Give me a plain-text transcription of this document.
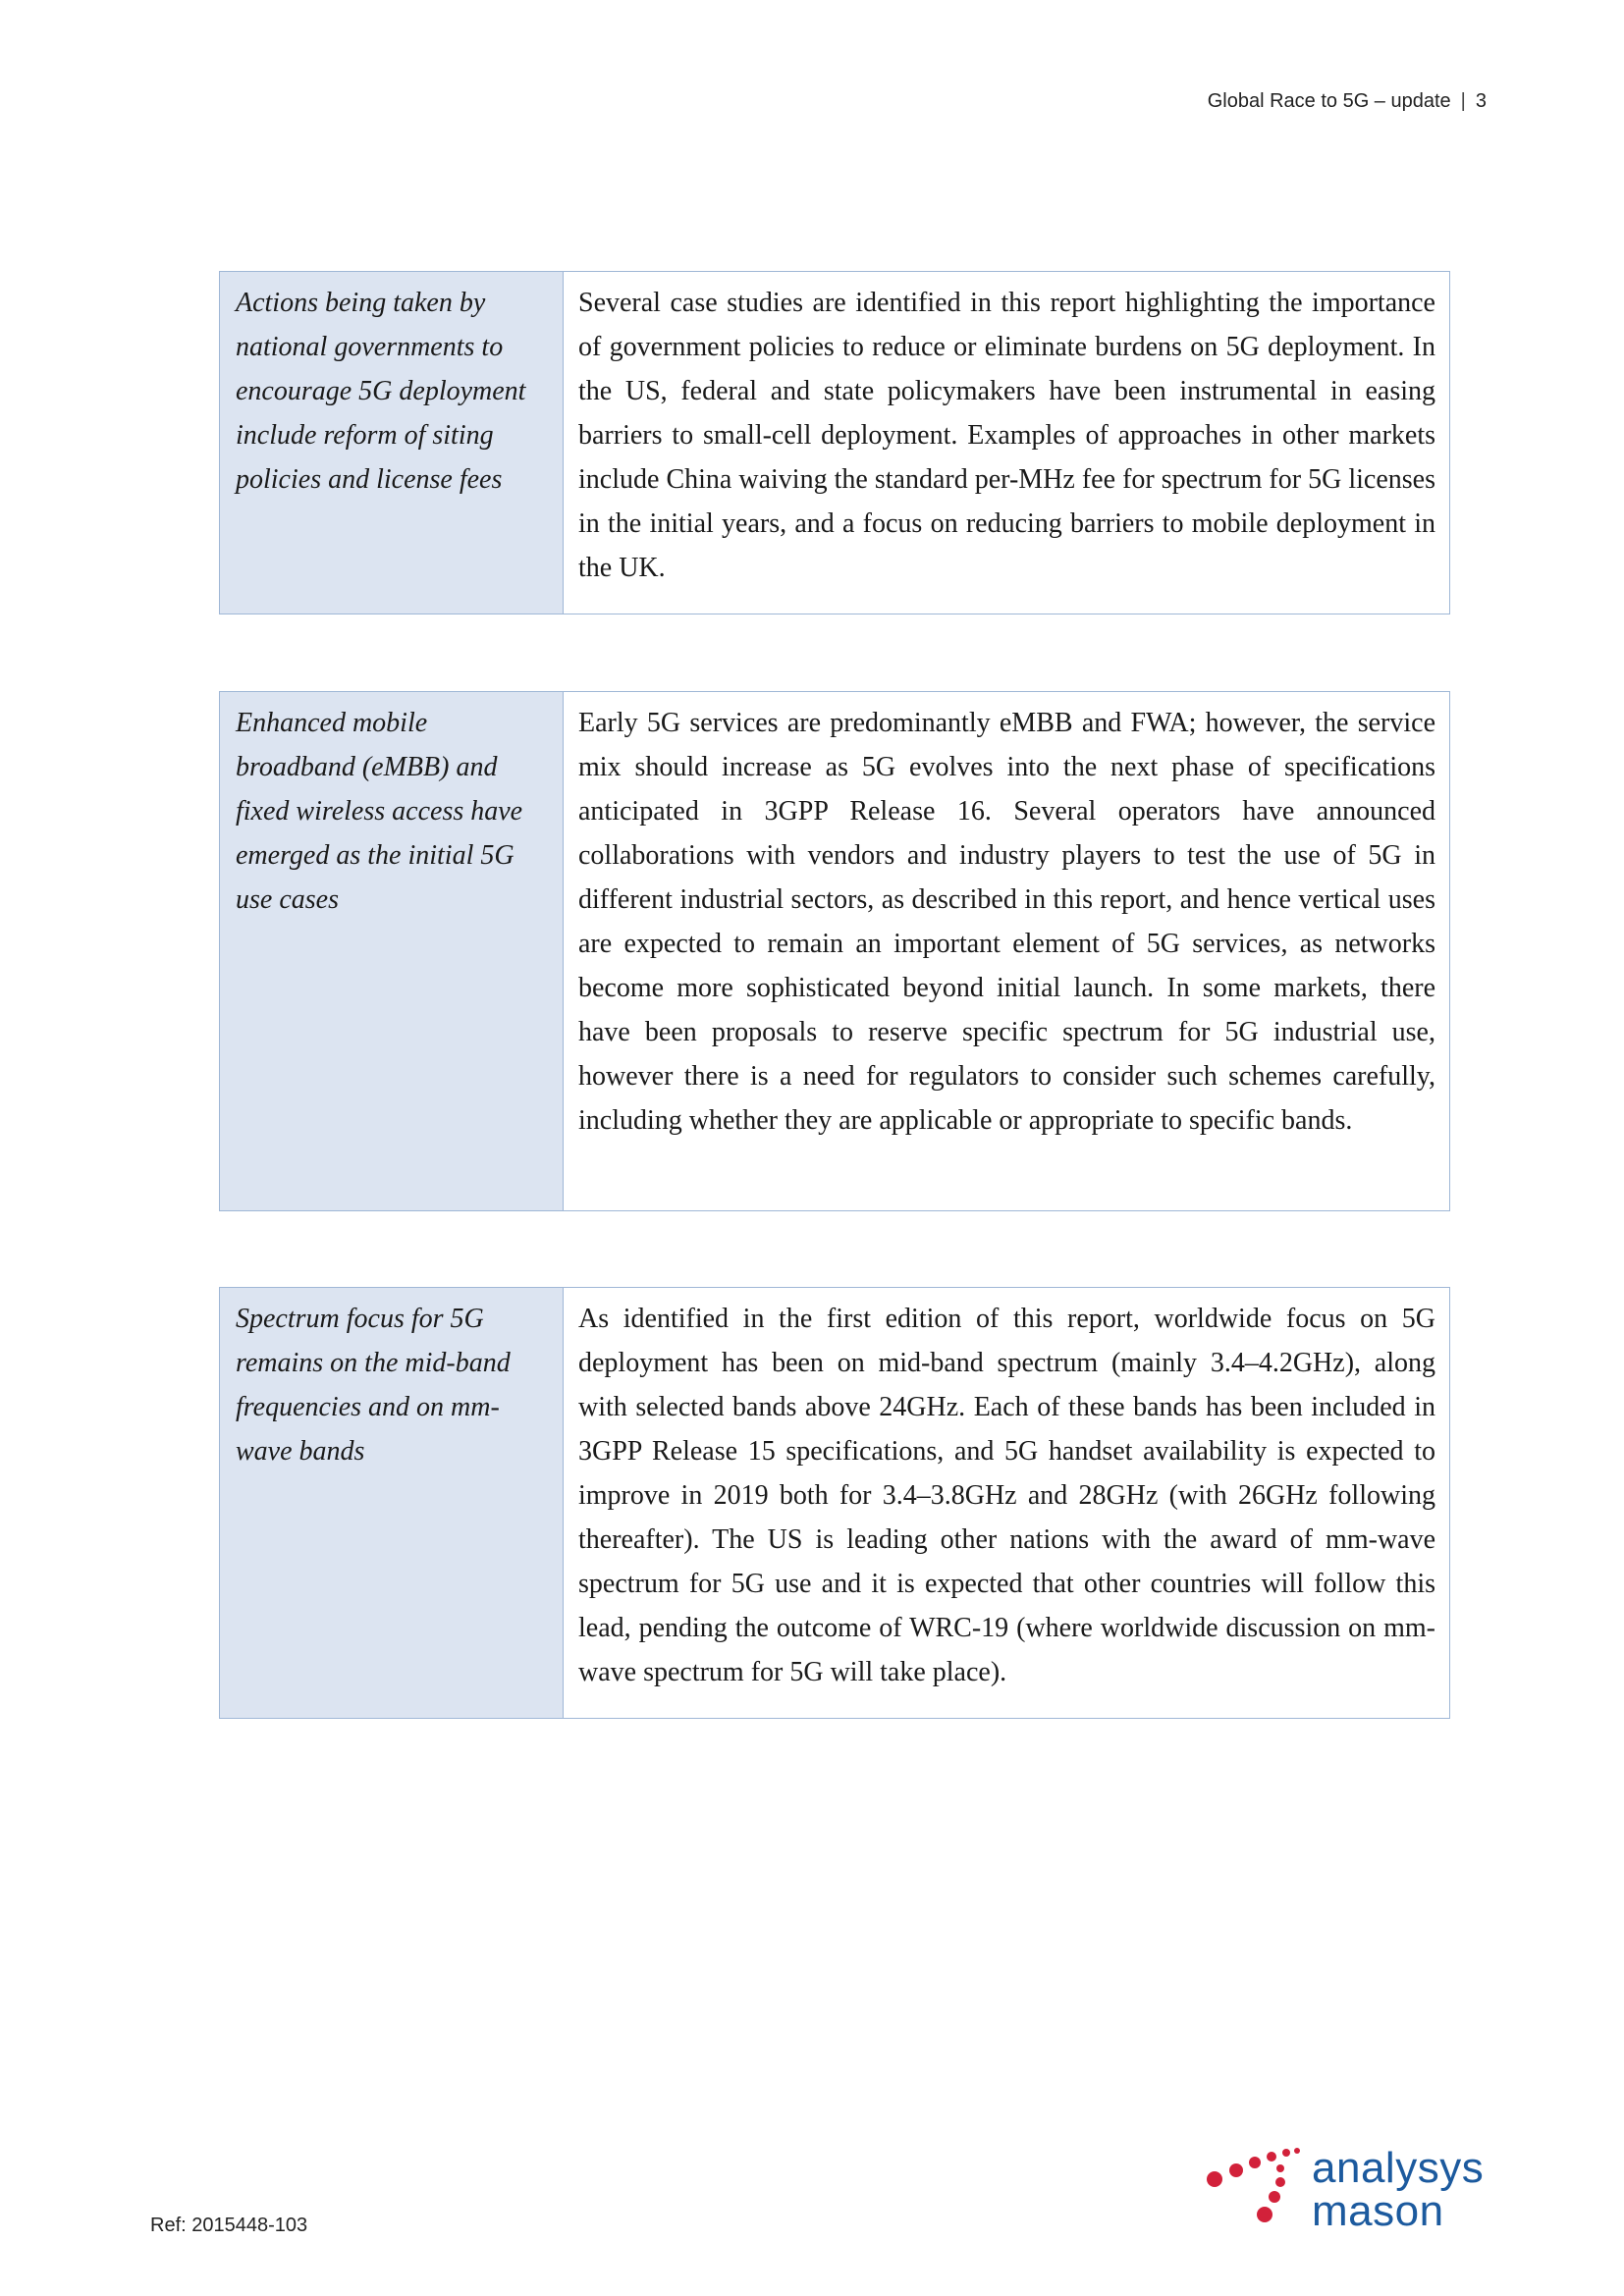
Global Race to 5G – update | 3
Actions being taken by national governments to encourage 5G deployment include reform of siting policies and license fees
Several case studies are identified in this report highlighting the importance of government policies to reduce or eliminate burdens on 5G deployment. In the US, federal and state policymakers have been instrumental in easing barriers to small-cell deployment. Examples of approaches in other markets include China waiving the standard per-MHz fee for spectrum for 5G licenses in the initial years, and a focus on reducing barriers to mobile deployment in the UK.
Enhanced mobile broadband (eMBB) and fixed wireless access have emerged as the initial 5G use cases
Early 5G services are predominantly eMBB and FWA; however, the service mix should increase as 5G evolves into the next phase of specifications anticipated in 3GPP Release 16. Several operators have announced collaborations with vendors and industry players to test the use of 5G in different industrial sectors, as described in this report, and hence vertical uses are expected to remain an important element of 5G services, as networks become more sophisticated beyond initial launch. In some markets, there have been proposals to reserve specific spectrum for 5G industrial use, however there is a need for regulators to consider such schemes carefully, including whether they are applicable or appropriate to specific bands.
Spectrum focus for 5G remains on the mid-band frequencies and on mm-wave bands
As identified in the first edition of this report, worldwide focus on 5G deployment has been on mid-band spectrum (mainly 3.4–4.2GHz), along with selected bands above 24GHz. Each of these bands has been included in 3GPP Release 15 specifications, and 5G handset availability is expected to improve in 2019 both for 3.4–3.8GHz and 28GHz (with 26GHz following thereafter). The US is leading other nations with the award of mm-wave spectrum for 5G use and it is expected that other countries will follow this lead, pending the outcome of WRC-19 (where worldwide discussion on mm-wave spectrum for 5G will take place).
Ref: 2015448-103
analysys
mason
